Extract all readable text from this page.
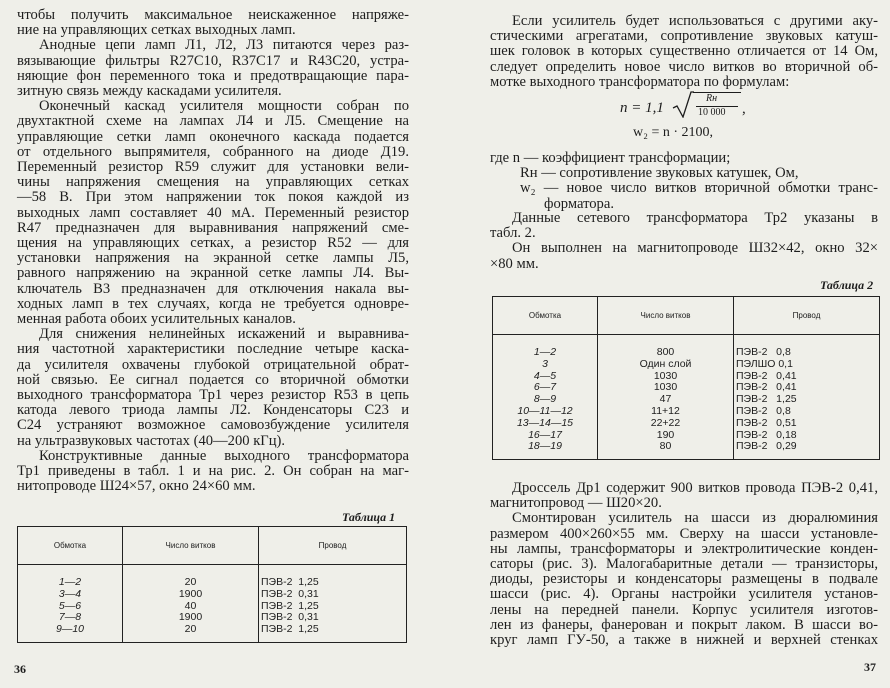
чтобы получить максимальное неискаженное напряже-
ние на управляющих сетках выходных ламп.
Анодные цепи ламп Л1, Л2, Л3 питаются через раз-
вязывающие фильтры R27C10, R37C17 и R43C20, устра-
няющие фон переменного тока и предотвращающие пара-
зитную связь между каскадами усилителя.
Оконечный каскад усилителя мощности собран по
двухтактной схеме на лампах Л4 и Л5. Смещение на
управляющие сетки ламп оконечного каскада подается
от отдельного выпрямителя, собранного на диоде Д19.
Переменный резистор R59 служит для установки вели-
чины напряжения смещения на управляющих сетках
—58 В. При этом напряжении ток покоя каждой из
выходных ламп составляет 40 мА. Переменный резистор
R47 предназначен для выравнивания напряжений сме-
щения на управляющих сетках, а резистор R52 — для
установки напряжения на экранной сетке лампы Л5,
равного напряжению на экранной сетке лампы Л4. Вы-
ключатель В3 предназначен для отключения накала вы-
ходных ламп в тех случаях, когда не требуется одновре-
менная работа обоих усилительных каналов.
Для снижения нелинейных искажений и выравнива-
ния частотной характеристики последние четыре каска-
да усилителя охвачены глубокой отрицательной обрат-
ной связью. Ее сигнал подается со вторичной обмотки
выходного трансформатора Тр1 через резистор R53 в цепь
катода левого триода лампы Л2. Конденсаторы C23 и
C24 устраняют возможное самовозбуждение усилителя
на ультразвуковых частотах (40—200 кГц).
Конструктивные данные выходного трансформатора
Тр1 приведены в табл. 1 и на рис. 2. Он собран на маг-
нитопроводе Ш24×57, окно 24×60 мм.
Таблица 1
Обмотка	Число витков	Провод
1—2	20	ПЭВ-2  1,25
3—4	1900	ПЭВ-2  0,31
5—6	40	ПЭВ-2  1,25
7—8	1900	ПЭВ-2  0,31
9—10	20	ПЭВ-2  1,25
36
Если усилитель будет использоваться с другими аку-
стическими агрегатами, сопротивление звуковых катуш-
шек головок в которых существенно отличается от 14 Ом,
следует определить новое число витков во вторичной об-
мотке выходного трансформатора по формулам:
n = 1,1
Rн
10 000 ,
w₂ = n · 2100,
где n — коэффициент трансформации;
Rн — сопротивление звуковых катушек, Ом,
w₂ — новое число витков вторичной обмотки транс-
форматора.
Данные сетевого трансформатора Тр2 указаны в
табл. 2.
Он выполнен на магнитопроводе Ш32×42, окно 32×
×80 мм.
Таблица 2
Обмотка	Число витков	Провод
1—2	800	ПЭВ-2   0,8
3	Один слой	ПЭЛШО 0,1
4—5	1030	ПЭВ-2   0,41
6—7	1030	ПЭВ-2   0,41
8—9	47	ПЭВ-2   1,25
10—11—12	11+12	ПЭВ-2   0,8
13—14—15	22+22	ПЭВ-2   0,51
16—17	190	ПЭВ-2   0,18
18—19	80	ПЭВ-2   0,29
Дроссель Др1 содержит 900 витков провода ПЭВ-2 0,41,
магнитопровод — Ш20×20.
Смонтирован усилитель на шасси из дюралюминия
размером 400×260×55 мм. Сверху на шасси установле-
ны лампы, трансформаторы и электролитические конден-
саторы (рис. 3). Малогабаритные детали — транзисторы,
диоды, резисторы и конденсаторы размещены в подвале
шасси (рис. 4). Органы настройки усилителя установ-
лены на передней панели. Корпус усилителя изготов-
лен из фанеры, фанерован и покрыт лаком. В шасси во-
круг ламп ГУ-50, а также в нижней и верхней стенках
37
